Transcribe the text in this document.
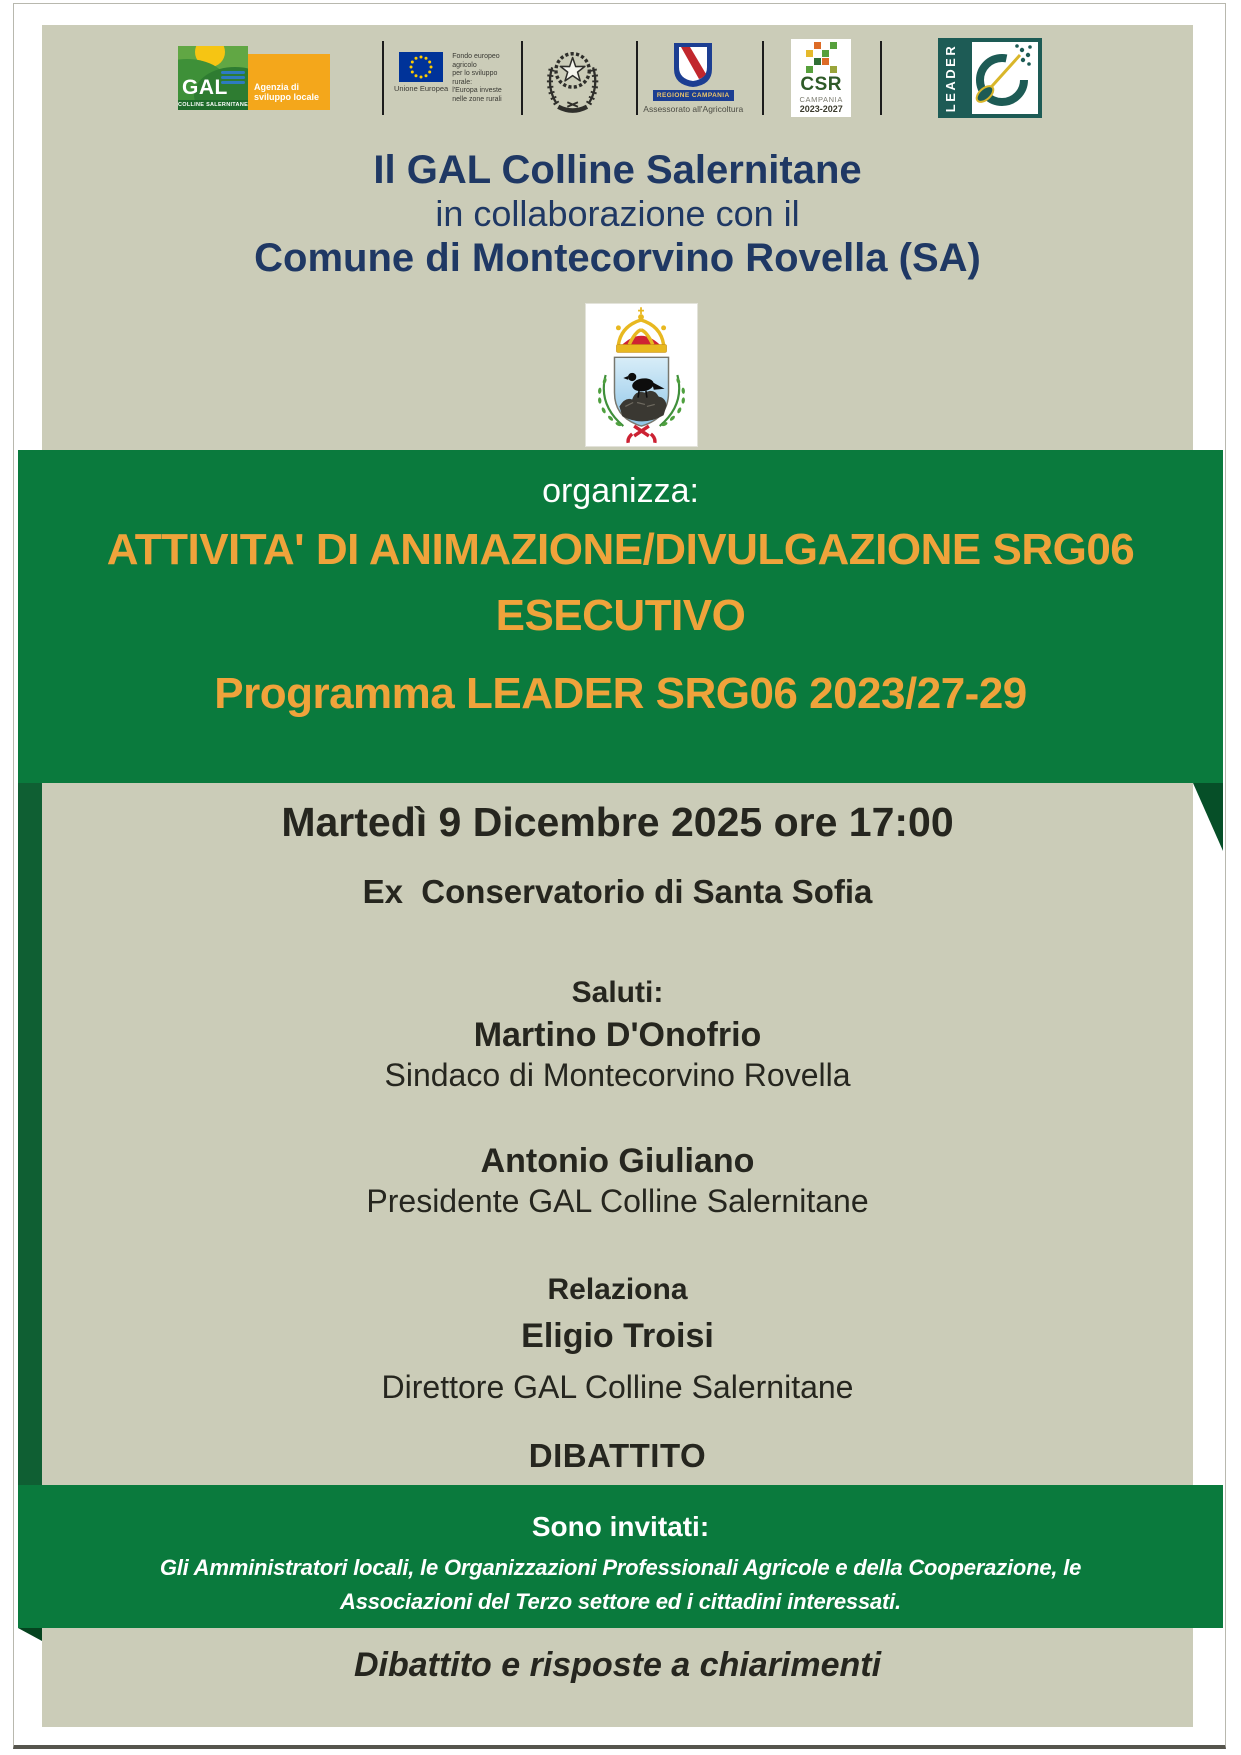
GAL
COLLINE SALERNITANE
Agenzia di
sviluppo locale
Unione Europea
Fondo europeo agricolo
per lo sviluppo rurale:
l'Europa investe
nelle zone rurali	REGIONE CAMPANIA
Assessorato all'Agricoltura
CSR
CAMPANIA
2023-2027	LEADER
Il GAL Colline Salernitane
in collaborazione con il
Comune di Montecorvino Rovella (SA)
organizza:
ATTIVITA' DI ANIMAZIONE/DIVULGAZIONE SRG06
ESECUTIVO
Programma LEADER SRG06 2023/27-29
Martedì 9 Dicembre 2025 ore 17:00
Ex  Conservatorio di Santa Sofia
Saluti:
Martino D'Onofrio
Sindaco di Montecorvino Rovella
Antonio Giuliano
Presidente GAL Colline Salernitane
Relaziona
Eligio Troisi
Direttore GAL Colline Salernitane
DIBATTITO
Dibattito e risposte a chiarimenti
Sono invitati:
Gli Amministratori locali, le Organizzazioni Professionali Agricole e della Cooperazione, le
Associazioni del Terzo settore ed i cittadini interessati.
